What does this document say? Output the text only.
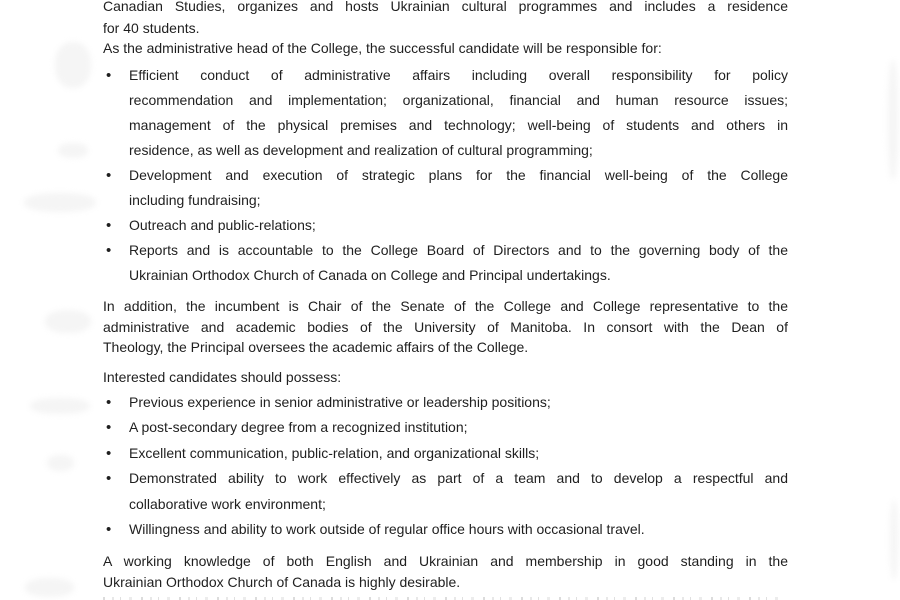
Canadian Studies, organizes and hosts Ukrainian cultural programmes and includes a residence
for 40 students.
As the administrative head of the College, the successful candidate will be responsible for:
•	Efficient conduct of administrative affairs including overall responsibility for policy
recommendation and implementation; organizational, financial and human resource issues;
management of the physical premises and technology; well-being of students and others in
residence, as well as development and realization of cultural programming;
•	Development and execution of strategic plans for the financial well-being of the College
including fundraising;
•	Outreach and public-relations;
•	Reports and is accountable to the College Board of Directors and to the governing body of the
Ukrainian Orthodox Church of Canada on College and Principal undertakings.
In addition, the incumbent is Chair of the Senate of the College and College representative to the
administrative and academic bodies of the University of Manitoba. In consort with the Dean of
Theology, the Principal oversees the academic affairs of the College.
Interested candidates should possess:
•	Previous experience in senior administrative or leadership positions;
•	A post-secondary degree from a recognized institution;
•	Excellent communication, public-relation, and organizational skills;
•	Demonstrated ability to work effectively as part of a team and to develop a respectful and
collaborative work environment;
•	Willingness and ability to work outside of regular office hours with occasional travel.
A working knowledge of both English and Ukrainian and membership in good standing in the
Ukrainian Orthodox Church of Canada is highly desirable.
